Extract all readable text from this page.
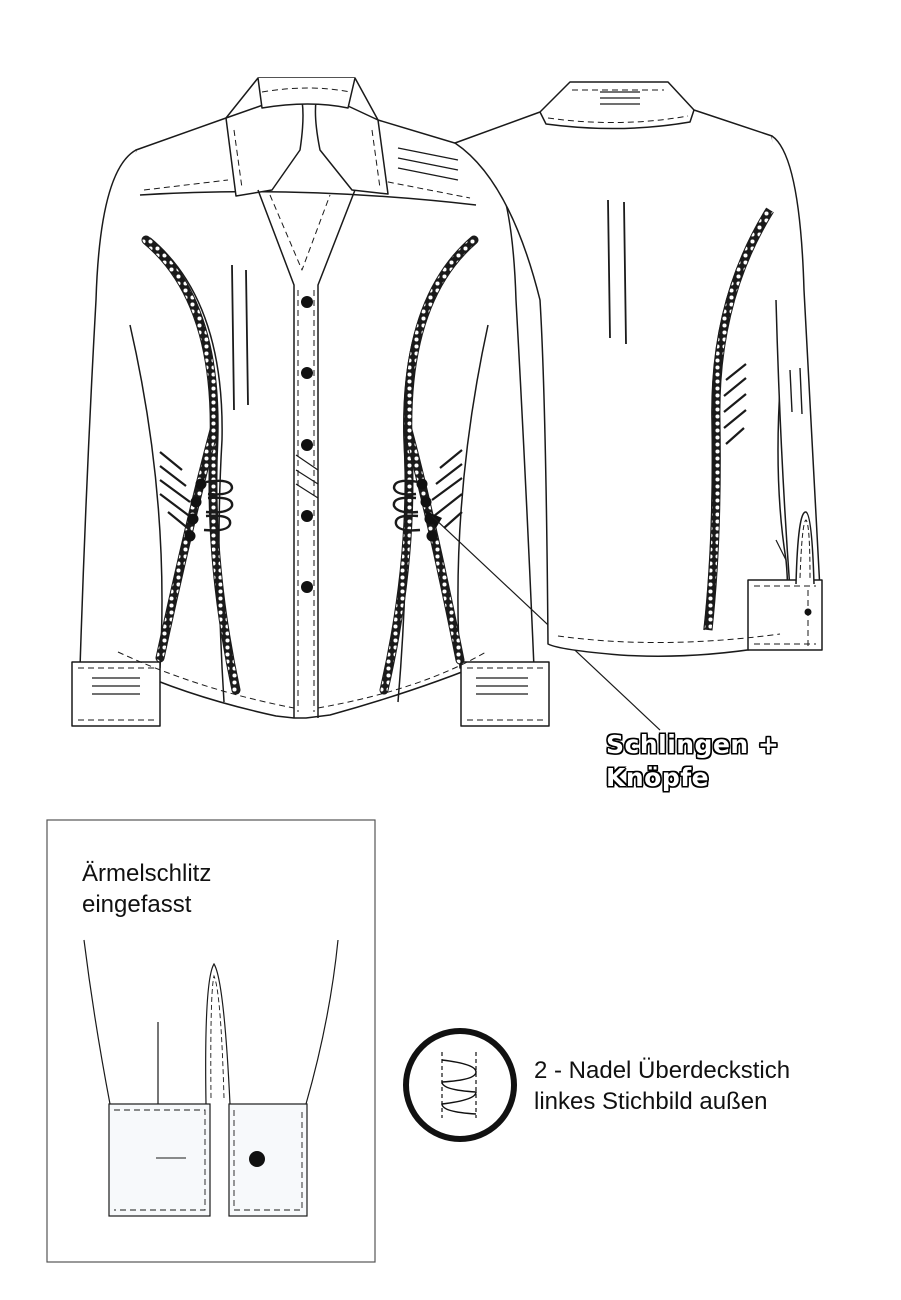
Schlingen +
Knöpfe
Ärmelschlitz
eingefasst
2 - Nadel Überdeckstich
linkes Stichbild außen
